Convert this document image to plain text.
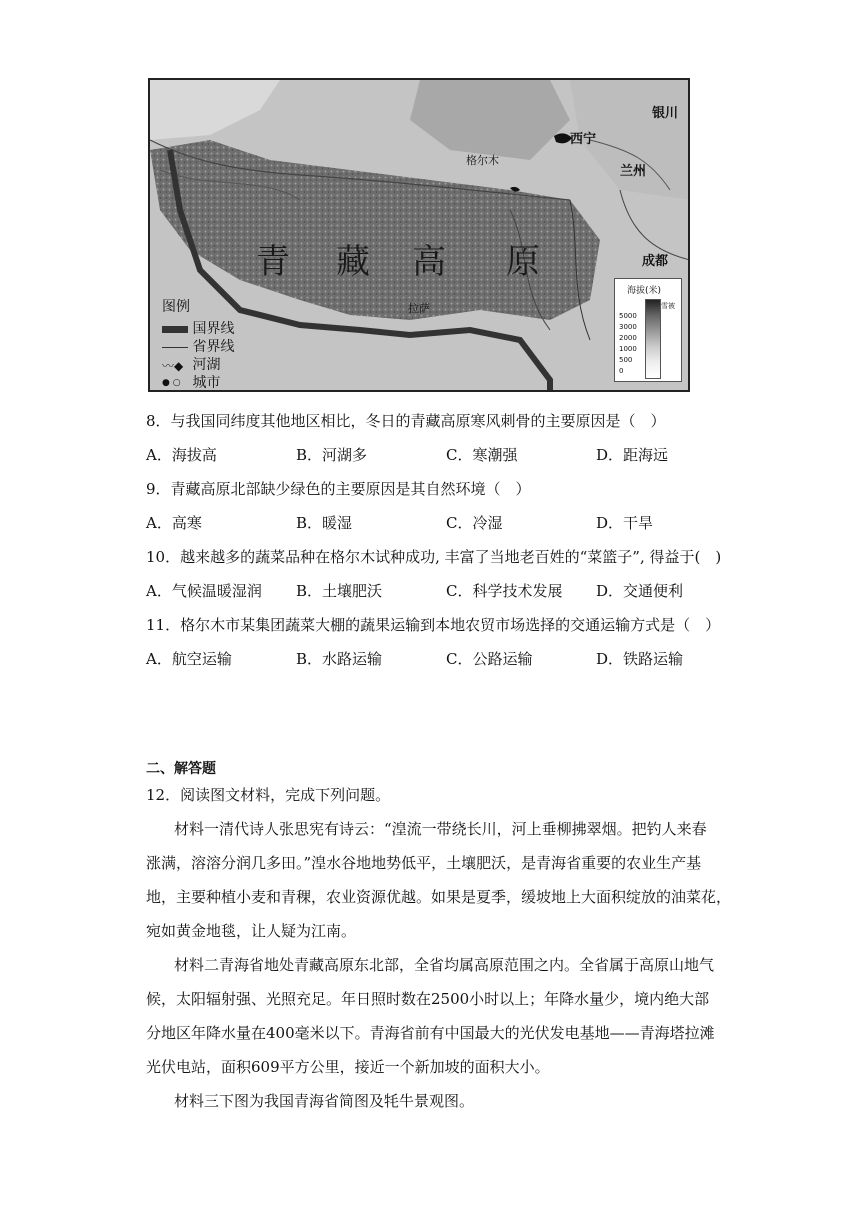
青 藏 高 原
银川
西宁
格尔木
兰州
成都
拉萨
图例
国界线
省界线
〰◆ 河湖
● ○ 城市
海拔(米)
雪被
5000
3000
2000
1000
500
0
8．与我国同纬度其他地区相比，冬日的青藏高原寒风刺骨的主要原因是（　）
A．海拔高	B．河湖多	C．寒潮强	D．距海远
9．青藏高原北部缺少绿色的主要原因是其自然环境（　）
A．高寒	B．暖湿	C．冷湿	D．干旱
10．越来越多的蔬菜品种在格尔木试种成功, 丰富了当地老百姓的“菜篮子”, 得益于(　)
A．气候温暖湿润 B．土壤肥沃	C．科学技术发展 D．交通便利
11．格尔木市某集团蔬菜大棚的蔬果运输到本地农贸市场选择的交通运输方式是（　）
A．航空运输	B．水路运输	C．公路运输	D．铁路运输
二、解答题
12．阅读图文材料，完成下列问题。
材料一清代诗人张思宪有诗云：“湟流一带绕长川，河上垂柳拂翠烟。把钓人来春
涨满，溶溶分润几多田。”湟水谷地地势低平，土壤肥沃，是青海省重要的农业生产基
地，主要种植小麦和青稞，农业资源优越。如果是夏季，缓坡地上大面积绽放的油菜花，
宛如黄金地毯，让人疑为江南。
材料二青海省地处青藏高原东北部，全省均属高原范围之内。全省属于高原山地气
候，太阳辐射强、光照充足。年日照时数在2500小时以上；年降水量少，境内绝大部
分地区年降水量在400毫米以下。青海省前有中国最大的光伏发电基地——青海塔拉滩
光伏电站，面积609平方公里，接近一个新加坡的面积大小。
材料三下图为我国青海省简图及牦牛景观图。
